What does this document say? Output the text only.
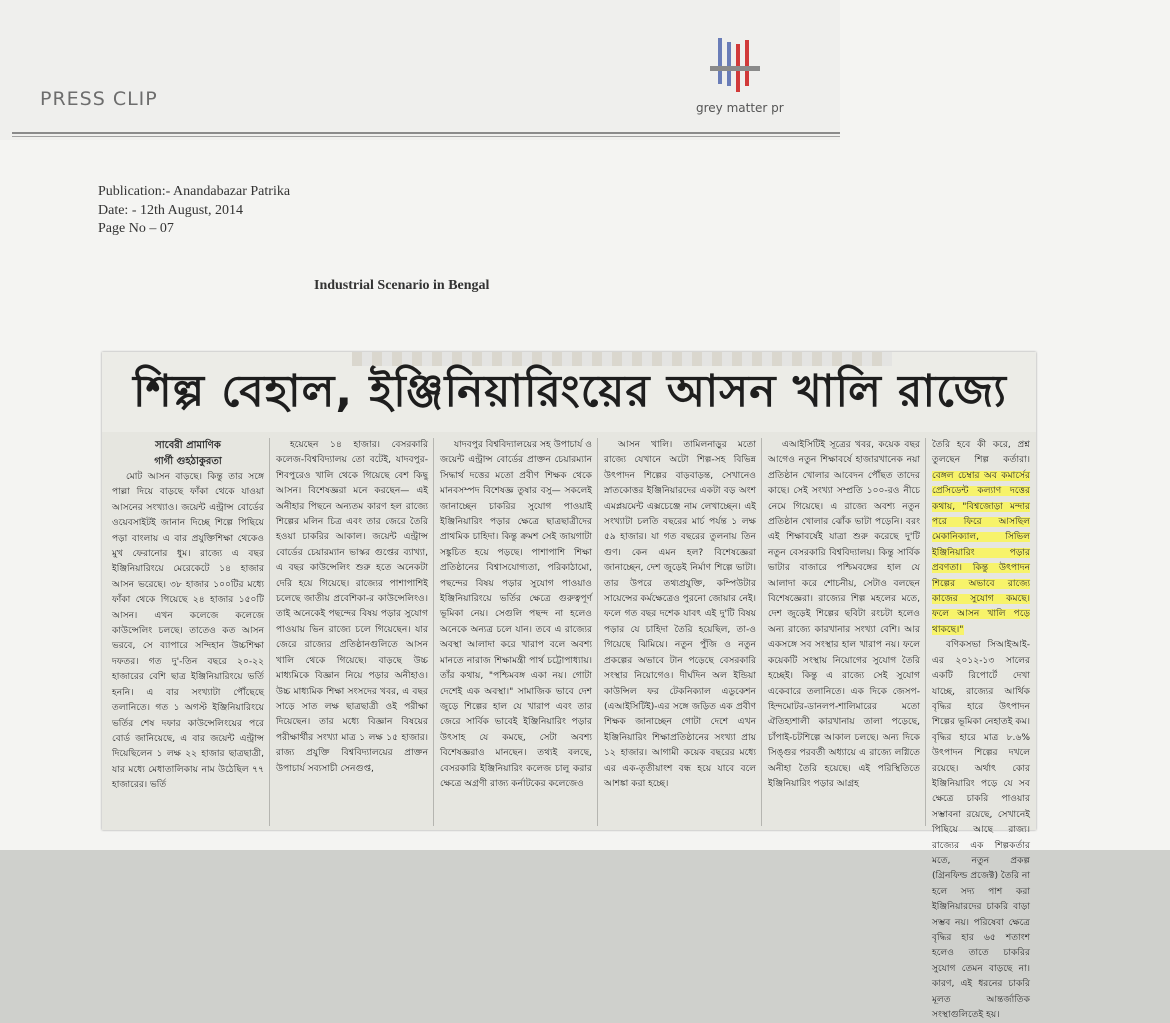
PRESS CLIP	grey matter pr
Publication:- Anandabazar Patrika
Date: - 12th August, 2014
Page No – 07
Industrial Scenario in Bengal
শিল্প বেহাল, ইঞ্জিনিয়ারিংয়ের আসন খালি রাজ্যে

সাবেরী প্রামাণিক

গার্গী গুহঠাকুরতা

মোট আসন বাড়ছে। কিন্তু তার সঙ্গে পাল্লা দিয়ে বাড়ছে ফাঁকা থেকে যাওয়া আসনের সংখ্যাও। জয়েন্ট এন্ট্রান্স বোর্ডের ওয়েবসাইটই জানান দিচ্ছে শিল্পে পিছিয়ে পড়া বাংলায় এ বার প্রযুক্তিশিক্ষা থেকেও মুখ ফেরানোর ধুম। রাজ্যে এ বছর ইঞ্জিনিয়ারিংয়ে মেরেকেটে ১৪ হাজার আসন ভরেছে। ৩৮ হাজার ১০০টির মধ্যে ফাঁকা থেকে গিয়েছে ২৪ হাজার ১৫০টি আসন। এখন কলেজে কলেজে কাউন্সেলিং চলছে। তাতেও কত আসন ভরবে, সে ব্যাপারে সন্দিহান উচ্চশিক্ষা দফতর। গত দু'-তিন বছরে ২০-২২ হাজারের বেশি ছাত্র ইঞ্জিনিয়ারিংয়ে ভর্তি হননি। এ বার সংখ্যাটা পৌঁছেছে তলানিতে। গত ১ অগস্ট ইঞ্জিনিয়ারিংয়ে ভর্তির শেষ দফার কাউন্সেলিংয়ের পরে বোর্ড জানিয়েছে, এ বার জয়েন্ট এন্ট্রান্স দিয়েছিলেন ১ লক্ষ ২২ হাজার ছাত্রছাত্রী, যার মধ্যে মেধাতালিকায় নাম উঠেছিল ৭৭ হাজারের। ভর্তি

হয়েছেন ১৪ হাজার। বেসরকারি কলেজ-বিশ্ববিদ্যালয় তো বটেই, যাদবপুর-শিবপুরেও খালি থেকে গিয়েছে বেশ কিছু আসন। বিশেষজ্ঞরা মনে করছেন— এই অনীহার পিছনে অন্যতম কারণ হল রাজ্যে শিল্পের মলিন চিত্র এবং তার জেরে তৈরি হওয়া চাকরির আকাল। জয়েন্ট এন্ট্রান্স বোর্ডের চেয়ারম্যান ভাস্কর গুপ্তের ব্যাখ্যা, এ বছর কাউন্সেলিং শুরু হতে অনেকটা দেরি হয়ে গিয়েছে। রাজ্যের পাশাপাশিই চলেছে জাতীয় প্রবেশিকা-র কাউন্সেলিংও। তাই অনেকেই পছন্দের বিষয় পড়ার সুযোগ পাওয়ায় ভিন রাজ্যে চলে গিয়েছেন। যার জেরে রাজ্যের প্রতিষ্ঠানগুলিতে আসন খালি থেকে গিয়েছে। বাড়ছে উচ্চ মাধ্যমিকে বিজ্ঞান নিয়ে পড়ার অনীহাও। উচ্চ মাধ্যমিক শিক্ষা সংসদের খবর, এ বছর সাড়ে সাত লক্ষ ছাত্রছাত্রী ওই পরীক্ষা দিয়েছেন। তার মধ্যে বিজ্ঞান বিষয়ের পরীক্ষার্থীর সংখ্যা মাত্র ১ লক্ষ ১৫ হাজার। রাজ্য প্রযুক্তি বিশ্ববিদ্যালয়ের প্রাক্তন উপাচার্য সব্যসাচী সেনগুপ্ত,

যাদবপুর বিশ্ববিদ্যালয়ের সহ উপাচার্য ও জয়েন্ট এন্ট্রান্স বোর্ডের প্রাক্তন চেয়ারম্যান সিদ্ধার্থ দত্তের মতো প্রবীণ শিক্ষক থেকে মানবসম্পদ বিশেষজ্ঞ তুষার বসু— সকলেই জানাচ্ছেন চাকরির সুযোগ পাওয়াই ইঞ্জিনিয়ারিং পড়ার ক্ষেত্রে ছাত্রছাত্রীদের প্রাথমিক চাহিদা। কিন্তু ক্রমশ সেই জায়গাটা সঙ্কুচিত হয়ে পড়ছে। পাশাপাশি শিক্ষা প্রতিষ্ঠানের বিশ্বাসযোগ্যতা, পরিকাঠামো, পছন্দের বিষয় পড়ার সুযোগ পাওয়াও ইঞ্জিনিয়ারিংয়ে ভর্তির ক্ষেত্রে গুরুত্বপূর্ণ ভূমিকা নেয়। সেগুলি পছন্দ না হলেও অনেকে অন্যত্র চলে যান। তবে এ রাজ্যের অবস্থা আলাদা করে খারাপ বলে অবশ্য মানতে নারাজ শিক্ষামন্ত্রী পার্থ চট্টোপাধ্যায়। তাঁর কথায়, "পশ্চিমবঙ্গ একা নয়। গোটা দেশেই এক অবস্থা।" সামাজিক ভাবে দেশ জুড়ে শিল্পের হাল যে খারাপ এবং তার জেরে সার্বিক ভাবেই ইঞ্জিনিয়ারিং পড়ার উৎসাহ যে কমছে, সেটা অবশ্য বিশেষজ্ঞরাও মানছেন। তথ্যই বলছে, বেসরকারি ইঞ্জিনিয়ারিং কলেজ চালু করার ক্ষেত্রে অগ্রণী রাজ্য কর্নাটকের কলেজেও

আসন খালি। তামিলনাড়ুর মতো রাজ্যে যেখানে অটো শিল্প-সহ বিভিন্ন উৎপাদন শিল্পের বাড়বাড়ন্ত, সেখানেও স্নাতকোত্তর ইঞ্জিনিয়ারদের একটা বড় অংশ এমপ্লয়মেন্ট এক্সচেঞ্জে নাম লেখাচ্ছেন। এই সংখ্যাটা চলতি বছরের মার্চ পর্যন্ত ১ লক্ষ ৫৯ হাজার। যা গত বছরের তুলনায় তিন গুণ। কেন এমন হল? বিশেষজ্ঞেরা জানাচ্ছেন, দেশ জুড়েই নির্মাণ শিল্পে ভাটা। তার উপরে তথ্যপ্রযুক্তি, কম্পিউটার সায়েন্সের কর্মক্ষেত্রেও পুরনো জোয়ার নেই। ফলে গত বছর দশেক যাবৎ এই দু'টি বিষয় পড়ার যে চাহিদা তৈরি হয়েছিল, তা-ও গিয়েছে ঝিমিয়ে। নতুন পুঁজি ও নতুন প্রকল্পের অভাবে টান পড়েছে বেসরকারি সংস্থার নিয়োগেও। দীর্ঘদিন অল ইন্ডিয়া কাউন্সিল ফর টেকনিক্যাল এডুকেশন (এআইসিটিই)-এর সঙ্গে জড়িত এক প্রবীণ শিক্ষক জানাচ্ছেন গোটা দেশে এখন ইঞ্জিনিয়ারিং শিক্ষাপ্রতিষ্ঠানের সংখ্যা প্রায় ১২ হাজার। আগামী কয়েক বছরের মধ্যে এর এক-তৃতীয়াংশ বন্ধ হয়ে যাবে বলে আশঙ্কা করা হচ্ছে।

এআইসিটিই সূত্রের খবর, কয়েক বছর আগেও নতুন শিক্ষাবর্ষে হাজারখানেক নয়া প্রতিষ্ঠান খোলার আবেদন পৌঁছত তাদের কাছে। সেই সংখ্যা সম্প্রতি ১০০-রও নীচে নেমে গিয়েছে। এ রাজ্যে অবশ্য নতুন প্রতিষ্ঠান খোলার ঝোঁক ভাটা পড়েনি। বরং এই শিক্ষাবর্ষেই যাত্রা শুরু করেছে দু'টি নতুন বেসরকারি বিশ্ববিদ্যালয়। কিন্তু সার্বিক ভাটার বাজারে পশ্চিমবঙ্গের হাল যে আলাদা করে শোচনীয়, সেটাও বলছেন বিশেষজ্ঞেরা। রাজ্যের শিল্প মহলের মতে, দেশ জুড়েই শিল্পের ছবিটা রংচটা হলেও অন্য রাজ্যে কারখানার সংখ্যা বেশি। আর একসঙ্গে সব সংস্থার হাল খারাপ নয়। ফলে কয়েকটি সংস্থায় নিয়োগের সুযোগ তৈরি হচ্ছেই। কিন্তু এ রাজ্যে সেই সুযোগ একেবারে তলানিতে। এক দিকে জেসপ-হিন্দমোটর-ডানলপ-শালিমারের মতো ঐতিহ্যশালী কারখানায় তালা পড়েছে, চাঁপাই-চটশিল্পে আকাল চলছে। অন্য দিকে সিঙ্গুর পরবর্তী অধ্যায়ে এ রাজ্যে লগ্নিতে অনীহা তৈরি হয়েছে। এই পরিস্থিতিতে ইঞ্জিনিয়ারিং পড়ার আগ্রহ

তৈরি হবে কী করে, প্রশ্ন তুলছেন শিল্প কর্তারা। বেঙ্গল চেম্বার অব কমার্সের প্রেসিডেন্ট কল্যাণ দত্তের কথায়, "বিশ্বজোড়া মন্দার পরে ফিরে আসছিল মেকানিক্যাল, সিভিল ইঞ্জিনিয়ারিং পড়ার প্রবণতা। কিন্তু উৎপাদন শিল্পের অভাবে রাজ্যে কাজের সুযোগ কমছে। ফলে আসন খালি পড়ে থাকছে।"

বণিকসভা সিআইআই-এর ২০১২-১৩ সালের একটি রিপোর্টে দেখা যাচ্ছে, রাজ্যের আর্থিক বৃদ্ধির হারে উৎপাদন শিল্পের ভূমিকা নেহাতই কম। বৃদ্ধির হারে মাত্র ৮.৬% উৎপাদন শিল্পের দখলে রয়েছে। অর্থাৎ কোর ইঞ্জিনিয়ারিং পড়ে যে সব ক্ষেত্রে চাকরি পাওয়ার সম্ভাবনা রয়েছে, সেখানেই পিছিয়ে আছে রাজ্য। রাজ্যের এক শিল্পকর্তার মতে, নতুন প্রকল্প (গ্রিনফিল্ড প্রজেক্ট) তৈরি না হলে সদ্য পাশ করা ইঞ্জিনিয়ারদের চাকরি বাড়া সম্ভব নয়। পরিষেবা ক্ষেত্রে বৃদ্ধির হার ৬৫ শতাংশ হলেও তাতে চাকরির সুযোগ তেমন বাড়ছে না। কারণ, এই ধরনের চাকরি মূলত আন্তর্জাতিক সংস্থাগুলিতেই হয়।
